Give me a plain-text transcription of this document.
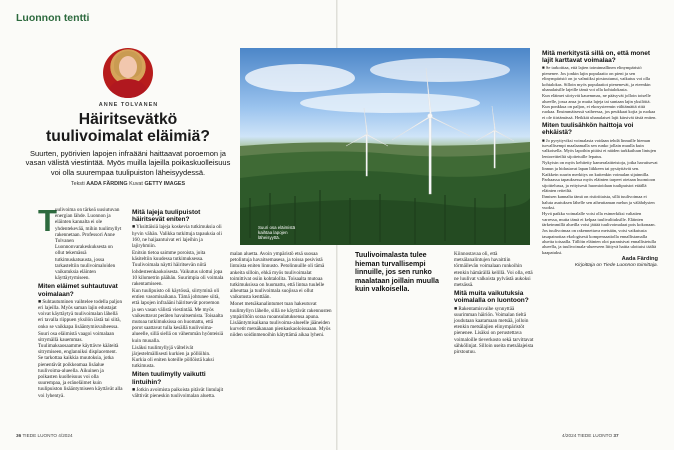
Luonnon tentti
ANNE TOLVANEN
Häiritsevätkö
tuulivoimalat eläimiä?
Suurten, pyörivien lapojen infraääni haittaavat poroemon ja vasan välistä viestintää. Myös muilla lajeilla poikaskuolleisuus voi olla suurempaa tuulipuiston läheisyydessä.
Teksti AADA FÄRDING Kuvat GETTY IMAGES
T

uulivoima on tärkeä uusiutuvan energian lähde. Luonnon ja eläinten kannalta ei ole yhdentekevää, mihin tuulimyllyt rakennetaan. Professori Anne Tolvanen Luonnonvarakeskuksesta on ollut tekemässä tutkimuskatsausta, jossa tarkasteltiin tuulivoimaloiden vaikutuksia eläinten käyttäytymiseen.

Miten eläimet suhtautuvat voimalaan?

■ Suhtautuminen vaihtelee todella paljon eri lajeilla. Myös saman lajin edustajat voivat käyttäytyä tuulivoimalan lähellä eri tavalla riippuen yksilön iästä tai siitä, onko se vaikkapa lisääntymisvaiheessa.

Suuri osa eläimistä vaagoi voimalaan sitrymällä kauemmas. Tuulimaksaosaamme käyttävre kääteitä sitrymiseen, englanniksi displacement. Se tarkottaa kaikkia muutoksia, jotka pienentävät poikkeamaa lisäalue tuulivoima-alueella. Aikuinen ja poikasten kuolleisuus voi olla suurempaa, ja eräneläimet kuin tuulipuiston lisääntymiseen käyttävät alla voi lyhentyä.

Mitä lajeja tuulipuistot häiritsevät eniten?

■ Yksittäisiä lajeja koskevia tutkimuksia oli hyvin vähän. Valikka tutkittuja tapauksia oli 160, ne haijaantuivat eri lajeihin ja lajiryhmiin.

Enitsin tietoa saimme poroista, joita käsiteltiin kuudessa tutkimuksessa. Tuulivoimala näytti häiritsevän niitä lohdesteenkaokoisesta. Vaikutus ulottui jopa 10 kilometrin päähän. Suurimpia oli voimala rakentamiseen.

Kun tuulipuisto oli käytössä, siirtyminä oli entien vasomisaikana. Tämä johtunee siitä, että lapojen infraääni häiritsevät poroemon ja sen vasan välistä viestintää. Me myös vaikeuttavat peräten havaitsemista. Toisaalta mutoaa tutkimuksissa on huomattu, että porot saattavat tulla kesällä tuulivoima-alueelle, sillä siellä on vähemmän hyönteisiä kuin muualla.

Lisäksi tuulimyllyjä vältelivät järjestelmällisesti kurkien ja pöllöihin. Kurkia oli eniten koteille pöllöistä kaksi tutkimusta.

Miten tuulimylly vaikutti lintuihin?

■ Jotkin avoimista paikoista pitävät lintulajit välttivät pieneskin tuulivoimalan aluetta.

Suuri osa eläimistä kaihtaa lapojen läheisyyttä.

malan aluetta. Avoin ympäristö etsä suosaa petolintuja havaitsemasesa, ja toissa pesivistä lintuista eniten linnusto. Petolinnuille oli tämä ankeita silloin, ehkä myös tuulivoimalat toimittivat osiin kohtalolita. Toisaalta mutoaa tutkimuksissa on huomattu, että lintua tuulelle aiheuttaa ja tuulivoimala suojissa ei ollut vaikutusta kenttään.

Monet metsäkanalintumet tuan hakeutuvat tuulimyllyn lähelle, sillä ne käyttävät rakennusten ympäriltöin soraa ruoansulatuksensa apuna. Lisääntymisaikana tuulivoima-alueelle jääneiden kurvetit metsäkanaan pienkaskaoloissaaan. Myös niiden soidinmenoihin kätyttämä aikaa lyheni.

Tuulivoimalasta tuleе hieman turvallisempi linnuille, jos sen runko maalataan joillain muulla kuin valkoisella.

Kiinnostavaa oli, että metsälanalintujen havaittiin törmäilevän voimalaan runkoihin etenkin hämärällä kelillä. Voi olla, että ne luulivat valkoista pylvästä aukoksi metsässä.

Mitä muita vaikutuksia voimalalla on luontoon?

■ Rakentamisvaihe synnyttää suurimman häiriön. Voimalan tieltä joudutaan kaatamaan metsää, jolloin etenkin metsälajien elinympäristöt pienenee. Lisäksi on perustettava voimaloille tieverkosto sekä tarvittavat sähkölinjat. Silloin useita metsälajeista pirstoutuu.

Mitä merkitystä sillä on, että monet lajit karttavat voimalaa?

■ Se tarkoittaa, että lajien toiminnallinen elinympäristö pienenee. Jos jonkin lajin populaatio on pieni ja sen elinympäristö on jo valmiiksi pirstoutunut, vaikutus voi olla kohtalokas. Silloin myös populaatiot pienenevät, ja eteenkin uhanalaisille lajeille tämä voi olla kohtalokasta.

Kun eläimet siirtyvät kauemmas, ne pääsyvät jolloin toiselle alueelle, jossa ansa jo muita lajeja tai suntaan lajin yksilöitä. Kun ponkkua on paljon, ei ekosysteemin välttämättä riitä ruokaa. Ensimmäisessä vaiheessa, jos peukkaat kojia ja ruokaa ei ole tiirtämässä. Heikkät uhanalaiset lajit kärsivät tästä eniten.

Miten tuulisähkön haittoja voi ehkäistä?

■ Jo pyryttyviksi voimalasta voidaan tehdä linnuille hieman turvallisempi maalaamalla sen runko jollain muulla kuin valkoisella. Myös lapoihin pitäisi ei näiden tarkkailuun lintujen lentoreitteiltä sijoitetuille lepatus.

Nykyisin on myös kehitetty kameralaitteistoja, jotka havaitsevat linnun ja hidastavat lapan liikkeen tai pysäyttävät sen.

Kaikkein suurin merkitys on kuitenkin voimalan sijainnilla. Parhaassa tapauksessa myös eläinten tarpeet otetaan huomioon sijoittelussa, ja erityisesti huomioidaan tuulipuistot etäällä eläinten reiteiltä.

Ihmisen kannalta tämä on ristiriitaista, sillä tuulivoimaa ei haluta asutuksen lähelle sen aiheuttaman melun ja välähdysten vuoksi.

Hyvä paikka voimalalle voisi olla esimerkiksi valtatien varressa, mutta tämä ei kelpaa tuulivalituksille. Eläinten tärkeimmillä alueilla voisi jättää tuulivoimalaat pois kokonaan.

Jos tuulivoimaa on rakennettava metsään, voisi vaikutusta tasapainottaa ekologisesti kompensaatiolla ennallistamalla alueita toisaalla. Tällöin eläinten olot paranisivat ennallistetulla alueella, ja tuulivoimala-alueeseen liittyvä haitta ulottuisi täältä kaapatuksi.

Aada Färding
Kirjoittaja on Tiede Luonnon toimittaja.
36 TIEDE LUONTO 4/2024	4/2024 TIEDE LUONTO 37
